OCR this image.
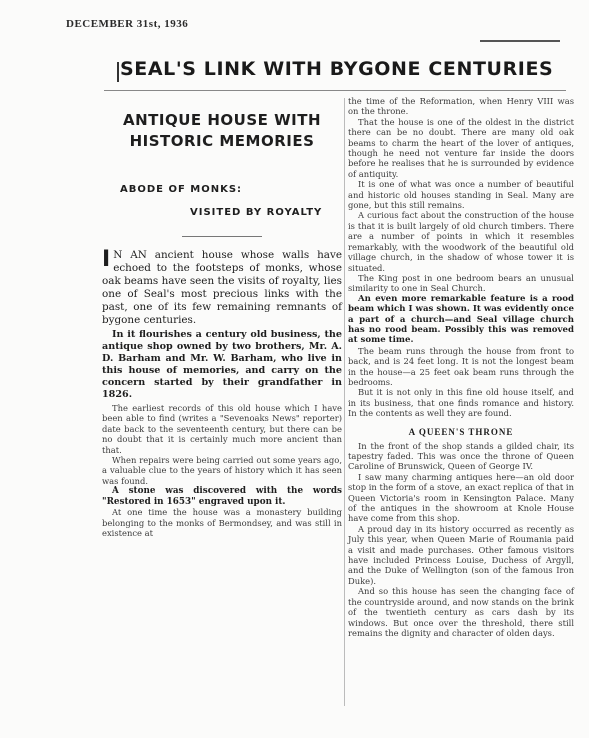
DECEMBER 31st, 1936
SEAL'S LINK WITH BYGONE CENTURIES
ANTIQUE HOUSE WITH
HISTORIC MEMORIES
ABODE OF MONKS:
VISITED BY ROYALTY

I N AN ancient house whose walls have echoed to the footsteps of monks, whose oak beams have seen the visits of royalty, lies one of Seal's most precious links with the past, one of its few remaining remnants of bygone centuries.

In it flourishes a century old business, the antique shop owned by two brothers, Mr. A. D. Barham and Mr. W. Barham, who live in this house of memories, and carry on the concern started by their grandfather in 1826.

The earliest records of this old house which I have been able to find (writes a "Sevenoaks News" reporter) date back to the seventeenth century, but there can be no doubt that it is certainly much more ancient than that.

When repairs were being carried out some years ago, a valuable clue to the years of history which it has seen was found.

A stone was discovered with the words "Restored in 1653" engraved upon it.

At one time the house was a monastery building belonging to the monks of Bermondsey, and was still in existence at

the time of the Reformation, when Henry VIII was on the throne.

That the house is one of the oldest in the district there can be no doubt. There are many old oak beams to charm the heart of the lover of antiques, though he need not venture far inside the doors before he realises that he is surrounded by evidence of antiquity.

It is one of what was once a number of beautiful and historic old houses standing in Seal. Many are gone, but this still remains.

A curious fact about the construction of the house is that it is built largely of old church timbers. There are a number of points in which it resembles remarkably, with the woodwork of the beautiful old village church, in the shadow of whose tower it is situated.

The King post in one bedroom bears an unusual similarity to one in Seal Church.

An even more remarkable feature is a rood beam which I was shown. It was evidently once a part of a church—and Seal village church has no rood beam. Possibly this was removed at some time.

The beam runs through the house from front to back, and is 24 feet long. It is not the longest beam in the house—a 25 feet oak beam runs through the bedrooms.

But it is not only in this fine old house itself, and in its business, that one finds romance and history. In the contents as well they are found.

A QUEEN'S THRONE

In the front of the shop stands a gilded chair, its tapestry faded. This was once the throne of Queen Caroline of Brunswick, Queen of George IV.

I saw many charming antiques here—an old door stop in the form of a stove, an exact replica of that in Queen Victoria's room in Kensington Palace. Many of the antiques in the showroom at Knole House have come from this shop.

A proud day in its history occurred as recently as July this year, when Queen Marie of Roumania paid a visit and made purchases. Other famous visitors have included Princess Louise, Duchess of Argyll, and the Duke of Wellington (son of the famous Iron Duke).

And so this house has seen the changing face of the countryside around, and now stands on the brink of the twentieth century as cars dash by its windows. But once over the threshold, there still remains the dignity and character of olden days.
